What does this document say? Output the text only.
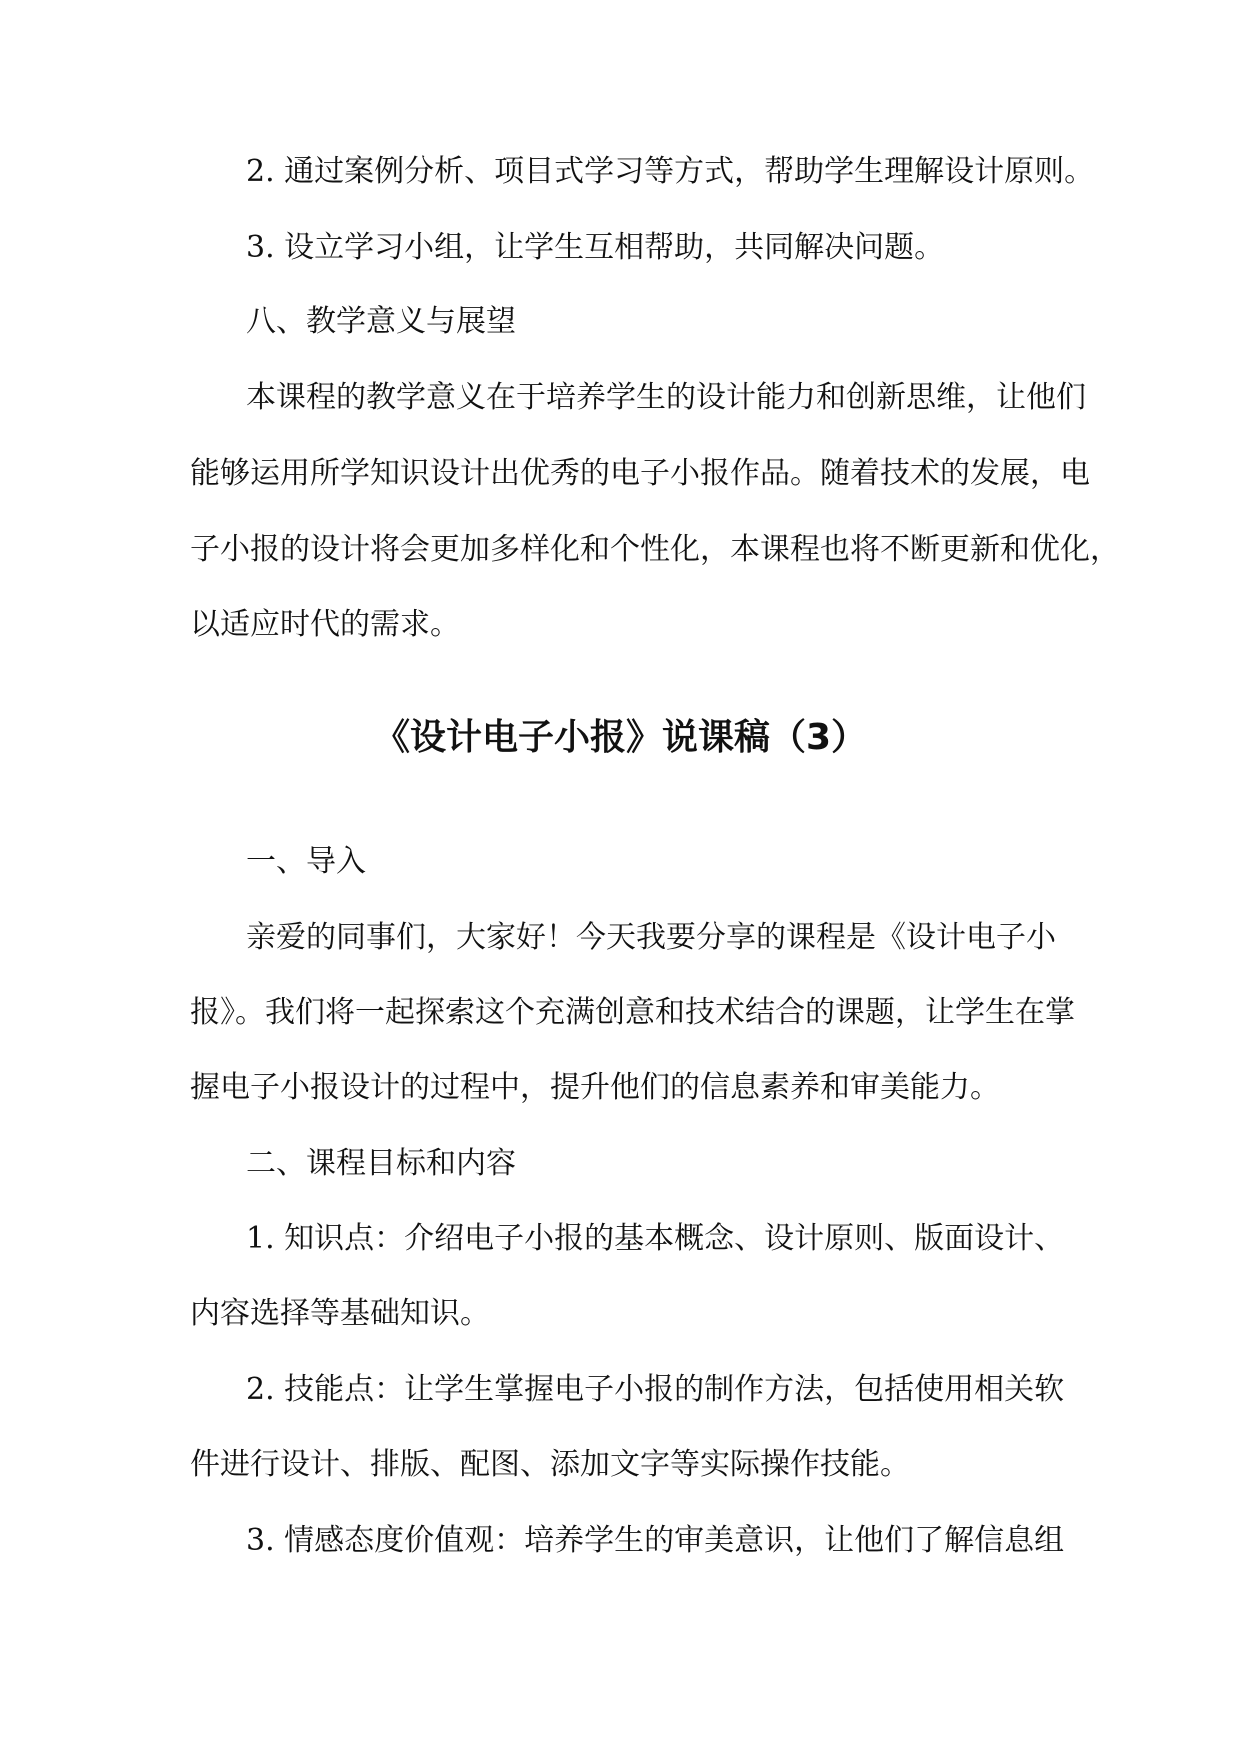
2. 通过案例分析、项目式学习等方式，帮助学生理解设计原则。

3. 设立学习小组，让学生互相帮助，共同解决问题。

八、教学意义与展望

本课程的教学意义在于培养学生的设计能力和创新思维，让他们

能够运用所学知识设计出优秀的电子小报作品。随着技术的发展，电

子小报的设计将会更加多样化和个性化，本课程也将不断更新和优化，

以适应时代的需求。

《设计电子小报》说课稿（3）

一、导入

亲爱的同事们，大家好！今天我要分享的课程是《设计电子小

报》。我们将一起探索这个充满创意和技术结合的课题，让学生在掌

握电子小报设计的过程中，提升他们的信息素养和审美能力。

二、课程目标和内容

1. 知识点：介绍电子小报的基本概念、设计原则、版面设计、

内容选择等基础知识。

2. 技能点：让学生掌握电子小报的制作方法，包括使用相关软

件进行设计、排版、配图、添加文字等实际操作技能。

3. 情感态度价值观：培养学生的审美意识，让他们了解信息组
